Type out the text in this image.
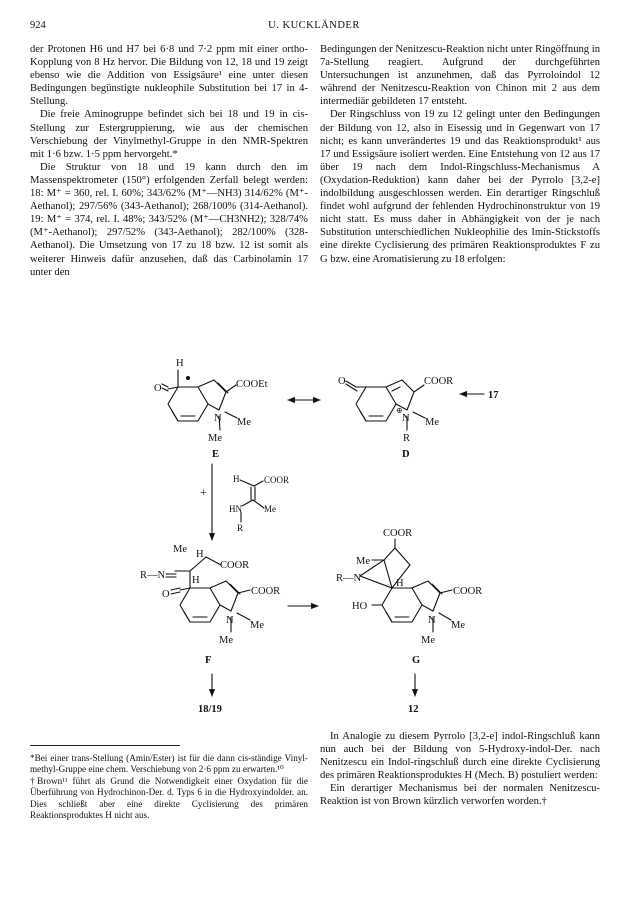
924	U. KUCKLÄNDER

der Protonen H6 und H7 bei 6·8 und 7·2 ppm mit einer ortho-Kopplung von 8 Hz hervor. Die Bildung von 12, 18 und 19 zeigt ebenso wie die Addition von Essigsäure¹ eine unter diesen Bedingungen begünstigte nukleophile Substitution bei 17 in 4-Stellung.

Die freie Aminogruppe befindet sich bei 18 und 19 in cis-Stellung zur Estergruppierung, wie aus der chemischen Verschiebung der Vinylmethyl-Gruppe in den NMR-Spektren mit 1·6 bzw. 1·5 ppm hervorgeht.*

Die Struktur von 18 und 19 kann durch den im Massenspektrometer (150°) erfolgenden Zerfall belegt werden: 18: M⁺ = 360, rel. I. 60%; 343/62% (M⁺—NH3) 314/62% (M⁺-Aethanol); 297/56% (343-Aethanol); 268/100% (314-Aethanol). 19: M⁺ = 374, rel. I. 48%; 343/52% (M⁺—CH3NH2); 328/74% (M⁺-Aethanol); 297/52% (343-Aethanol); 282/100% (328-Aethanol). Die Umsetzung von 17 zu 18 bzw. 12 ist somit als weiterer Hinweis dafür anzusehen, daß das Carbinolamin 17 unter den

Bedingungen der Nenitzescu-Reaktion nicht unter Ringöffnung in 7a-Stellung reagiert. Aufgrund der durchgeführten Untersuchungen ist anzunehmen, daß das Pyrroloindol 12 während der Nenitzescu-Reaktion von Chinon mit 2 aus dem intermediär gebildeten 17 entsteht.

Der Ringschluss von 19 zu 12 gelingt unter den Bedingungen der Bildung von 12, also in Eisessig und in Gegenwart von 17 nicht; es kann unverändertes 19 und das Reaktionsprodukt¹ aus 17 und Essigsäure isoliert werden. Eine Entstehung von 12 aus 17 über 19 nach dem Indol-Ringschluss-Mechanismus A (Oxydation-Reduktion) kann daher bei der Pyrrolo [3,2-e] indolbildung ausgeschlossen werden. Ein derartiger Ringschluß findet wohl aufgrund der fehlenden Hydrochinonstruktur von 19 nicht statt. Es muss daher in Abhängigkeit von der je nach Substitution unterschiedlichen Nukleophilie des Imin-Stickstoffs eine direkte Cyclisierung des primären Reaktionsproduktes F zu G bzw. eine Aromatisierung zu 18 erfolgen:

H
O	COOEt
N Me
Me
E
O	COOR
N
⊕
Me
R
D
17
+
H	COOR
HN Me
R
Me H
COOR
R—N	H
O	COOR
N Me
Me
F
COOR
Me
R—N	H
HO
COOR
N Me
Me
G
18/19	12

*Bei einer trans-Stellung (Amin/Ester) ist für die dann cis-ständige Vinyl-methyl-Gruppe eine chem. Verschiebung von 2·6 ppm zu erwarten.¹⁰

†Brown¹¹ führt als Grund die Notwendigkeit einer Oxydation für die Überführung von Hydrochinon-Der. d. Typs 6 in die Hydroxyindolder. an. Dies schließt aber eine direkte Cyclisierung des primären Reaktionsproduktes H nicht aus.

In Analogie zu diesem Pyrrolo [3,2-e] indol-Ringschluß kann nun auch bei der Bildung von 5-Hydroxy-indol-Der. nach Nenitzescu ein Indol-ringschluß durch eine direkte Cyclisierung des primären Reaktionsproduktes H (Mech. B) postuliert werden:

Ein derartiger Mechanismus bei der normalen Nenitzescu-Reaktion ist von Brown kürzlich verworfen worden.†
